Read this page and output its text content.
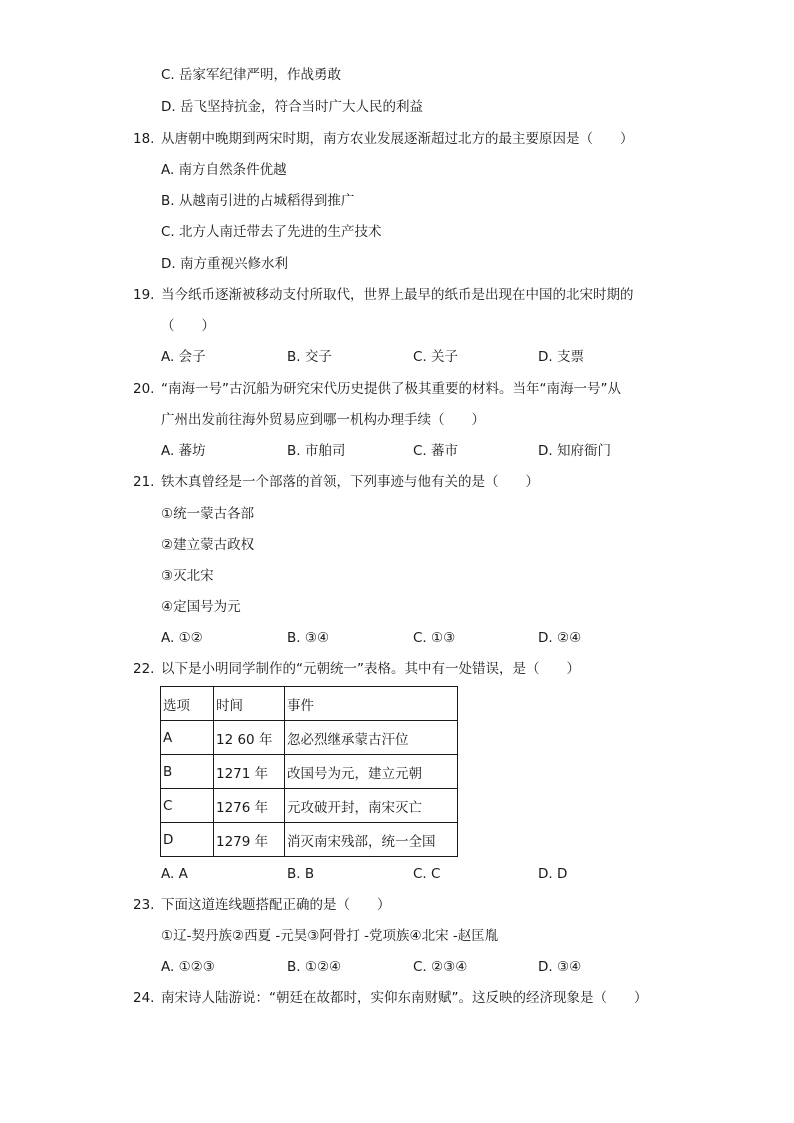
C. 岳家军纪律严明，作战勇敢
D. 岳飞坚持抗金，符合当时广大人民的利益
18. 从唐朝中晚期到两宋时期，南方农业发展逐渐超过北方的最主要原因是（　　）
A. 南方自然条件优越
B. 从越南引进的占城稻得到推广
C. 北方人南迁带去了先进的生产技术
D. 南方重视兴修水利
19. 当今纸币逐渐被移动支付所取代，世界上最早的纸币是出现在中国的北宋时期的
（　　）
A. 会子	B. 交子	C. 关子	D. 支票
20. “南海一号”古沉船为研究宋代历史提供了极其重要的材料。当年“南海一号”从
广州出发前往海外贸易应到哪一机构办理手续（　　）
A. 蕃坊	B. 市舶司	C. 蕃市	D. 知府衙门
21. 铁木真曾经是一个部落的首领，下列事迹与他有关的是（　　）
①统一蒙古各部
②建立蒙古政权
③灭北宋
④定国号为元
A. ①②	B. ③④	C. ①③	D. ②④
22. 以下是小明同学制作的“元朝统一”表格。其中有一处错误，是（　　）
选项	时间	事件
A	12 60 年	忽必烈继承蒙古汗位
B	1271 年	改国号为元，建立元朝
C	1276 年	元攻破开封，南宋灭亡
D	1279 年	消灭南宋残部，统一全国
A. A	B. B	C. C	D. D
23. 下面这道连线题搭配正确的是（　　）
①辽-契丹族②西夏 -元昊③阿骨打 -党项族④北宋 -赵匡胤
A. ①②③	B. ①②④	C. ②③④	D. ③④
24. 南宋诗人陆游说：“朝廷在故都时，实仰东南财赋”。这反映的经济现象是（　　）
